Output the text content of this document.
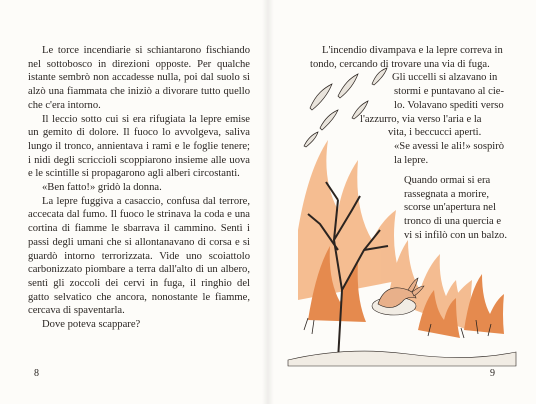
Le torce incendiarie si schiantarono fischiando nel sottobosco in direzioni opposte. Per qualche istante sembrò non accadesse nulla, poi dal suolo si alzò una fiammata che iniziò a divorare tutto quello che c'era intorno.

Il leccio sotto cui si era rifugiata la lepre emise un gemito di dolore. Il fuoco lo avvolgeva, saliva lungo il tronco, annientava i rami e le foglie tenere; i nidi degli scriccioli scoppiarono insieme alle uova e le scintille si propagarono agli alberi circostanti.

«Ben fatto!» gridò la donna.

La lepre fuggiva a casaccio, confusa dal terrore, accecata dal fumo. Il fuoco le strinava la coda e una cortina di fiamme le sbarrava il cammino. Sentì i passi degli umani che si allontanavano di corsa e si guardò intorno terrorizzata. Vide uno scoiattolo carbonizzato piombare a terra dall'alto di un albero, sentì gli zoccoli dei cervi in fuga, il ringhio del gatto selvatico che ancora, nonostante le fiamme, cercava di spaventarla.

Dove poteva scappare?

8	9
L'incendio divampava e la lepre correva in
tondo, cercando di trovare una via di fuga.
Gli uccelli si alzavano in
stormi e puntavano al cie-
lo. Volavano spediti verso
l'azzurro, via verso l'aria e la
vita, i beccucci aperti.
«Se avessi le ali!» sospirò
la lepre.
Quando ormai si era
rassegnata a morire,
scorse un'apertura nel
tronco di una quercia e
vi si infilò con un balzo.
